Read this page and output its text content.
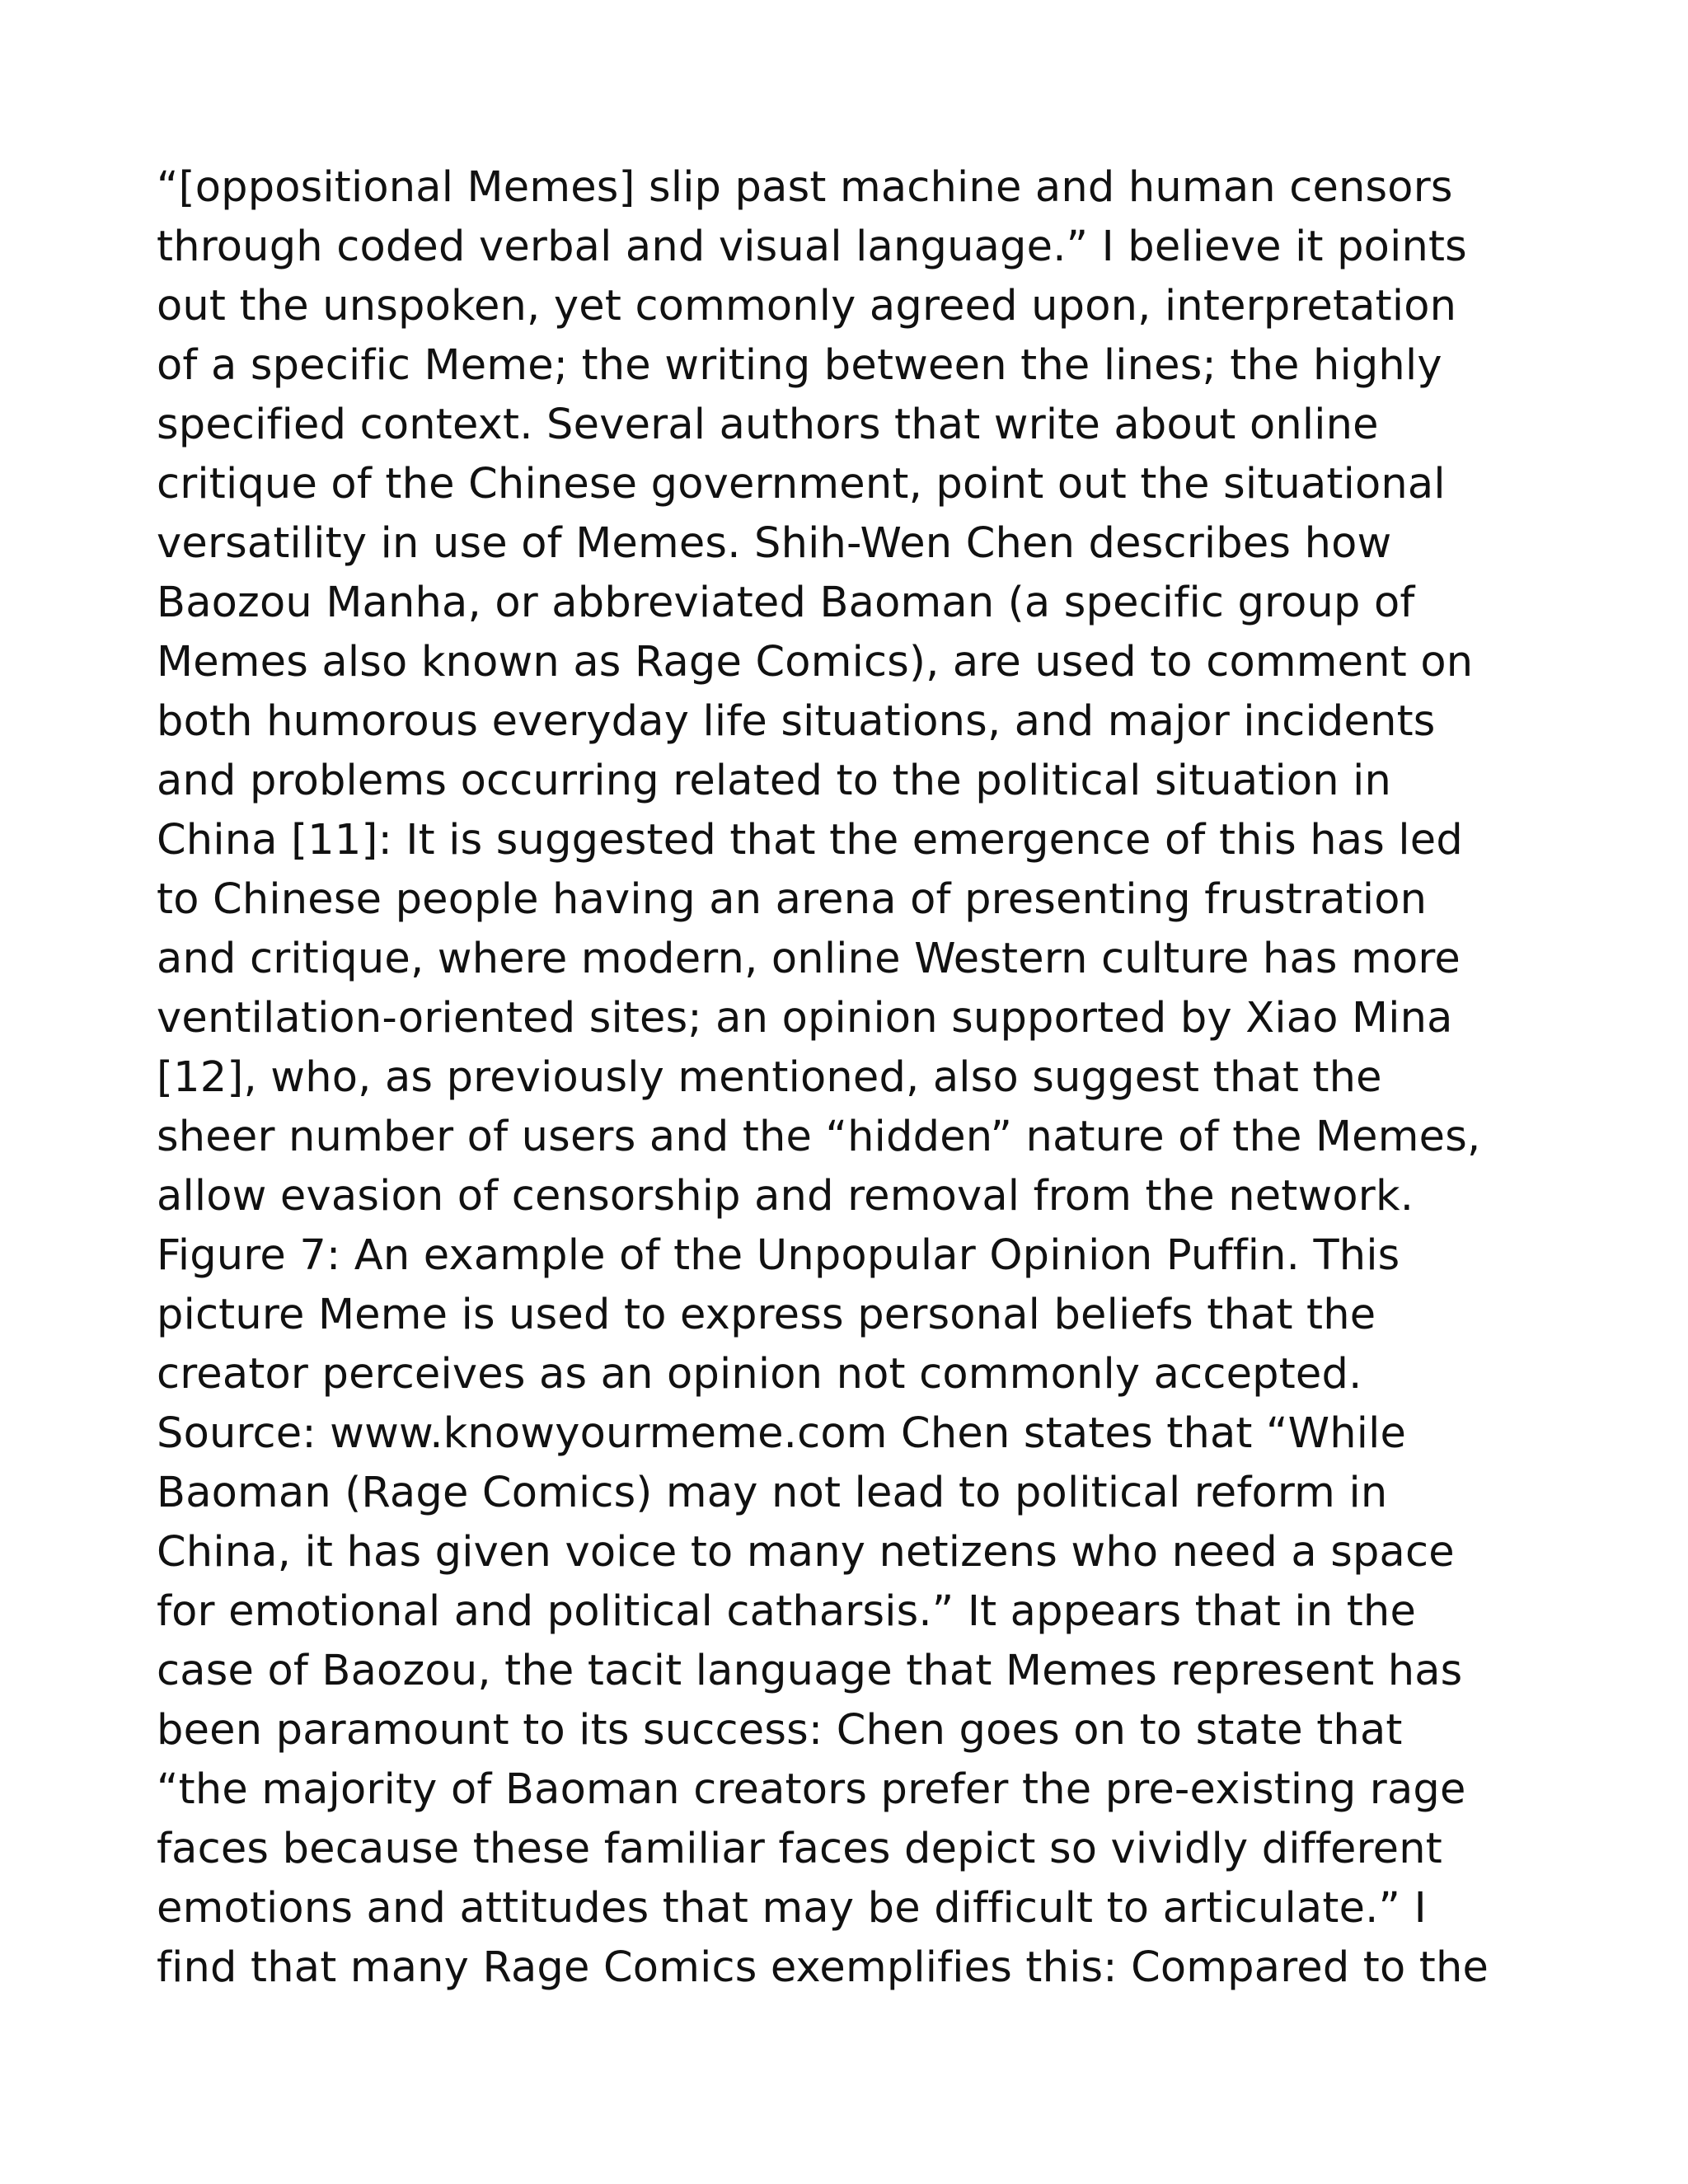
“[oppositional Memes] slip past machine and human censors
through coded verbal and visual language.” I believe it points
out the unspoken, yet commonly agreed upon, interpretation
of a specific Meme; the writing between the lines; the highly
specified context. Several authors that write about online
critique of the Chinese government, point out the situational
versatility in use of Memes. Shih-Wen Chen describes how
Baozou Manha, or abbreviated Baoman (a specific group of
Memes also known as Rage Comics), are used to comment on
both humorous everyday life situations, and major incidents
and problems occurring related to the political situation in
China [11]: It is suggested that the emergence of this has led
to Chinese people having an arena of presenting frustration
and critique, where modern, online Western culture has more
ventilation-oriented sites; an opinion supported by Xiao Mina
[12], who, as previously mentioned, also suggest that the
sheer number of users and the “hidden” nature of the Memes,
allow evasion of censorship and removal from the network.
Figure 7: An example of the Unpopular Opinion Puffin. This
picture Meme is used to express personal beliefs that the
creator perceives as an opinion not commonly accepted.
Source: www.knowyourmeme.com Chen states that “While
Baoman (Rage Comics) may not lead to political reform in
China, it has given voice to many netizens who need a space
for emotional and political catharsis.” It appears that in the
case of Baozou, the tacit language that Memes represent has
been paramount to its success: Chen goes on to state that
“the majority of Baoman creators prefer the pre-existing rage
faces because these familiar faces depict so vividly different
emotions and attitudes that may be difficult to articulate.” I
find that many Rage Comics exemplifies this: Compared to the
